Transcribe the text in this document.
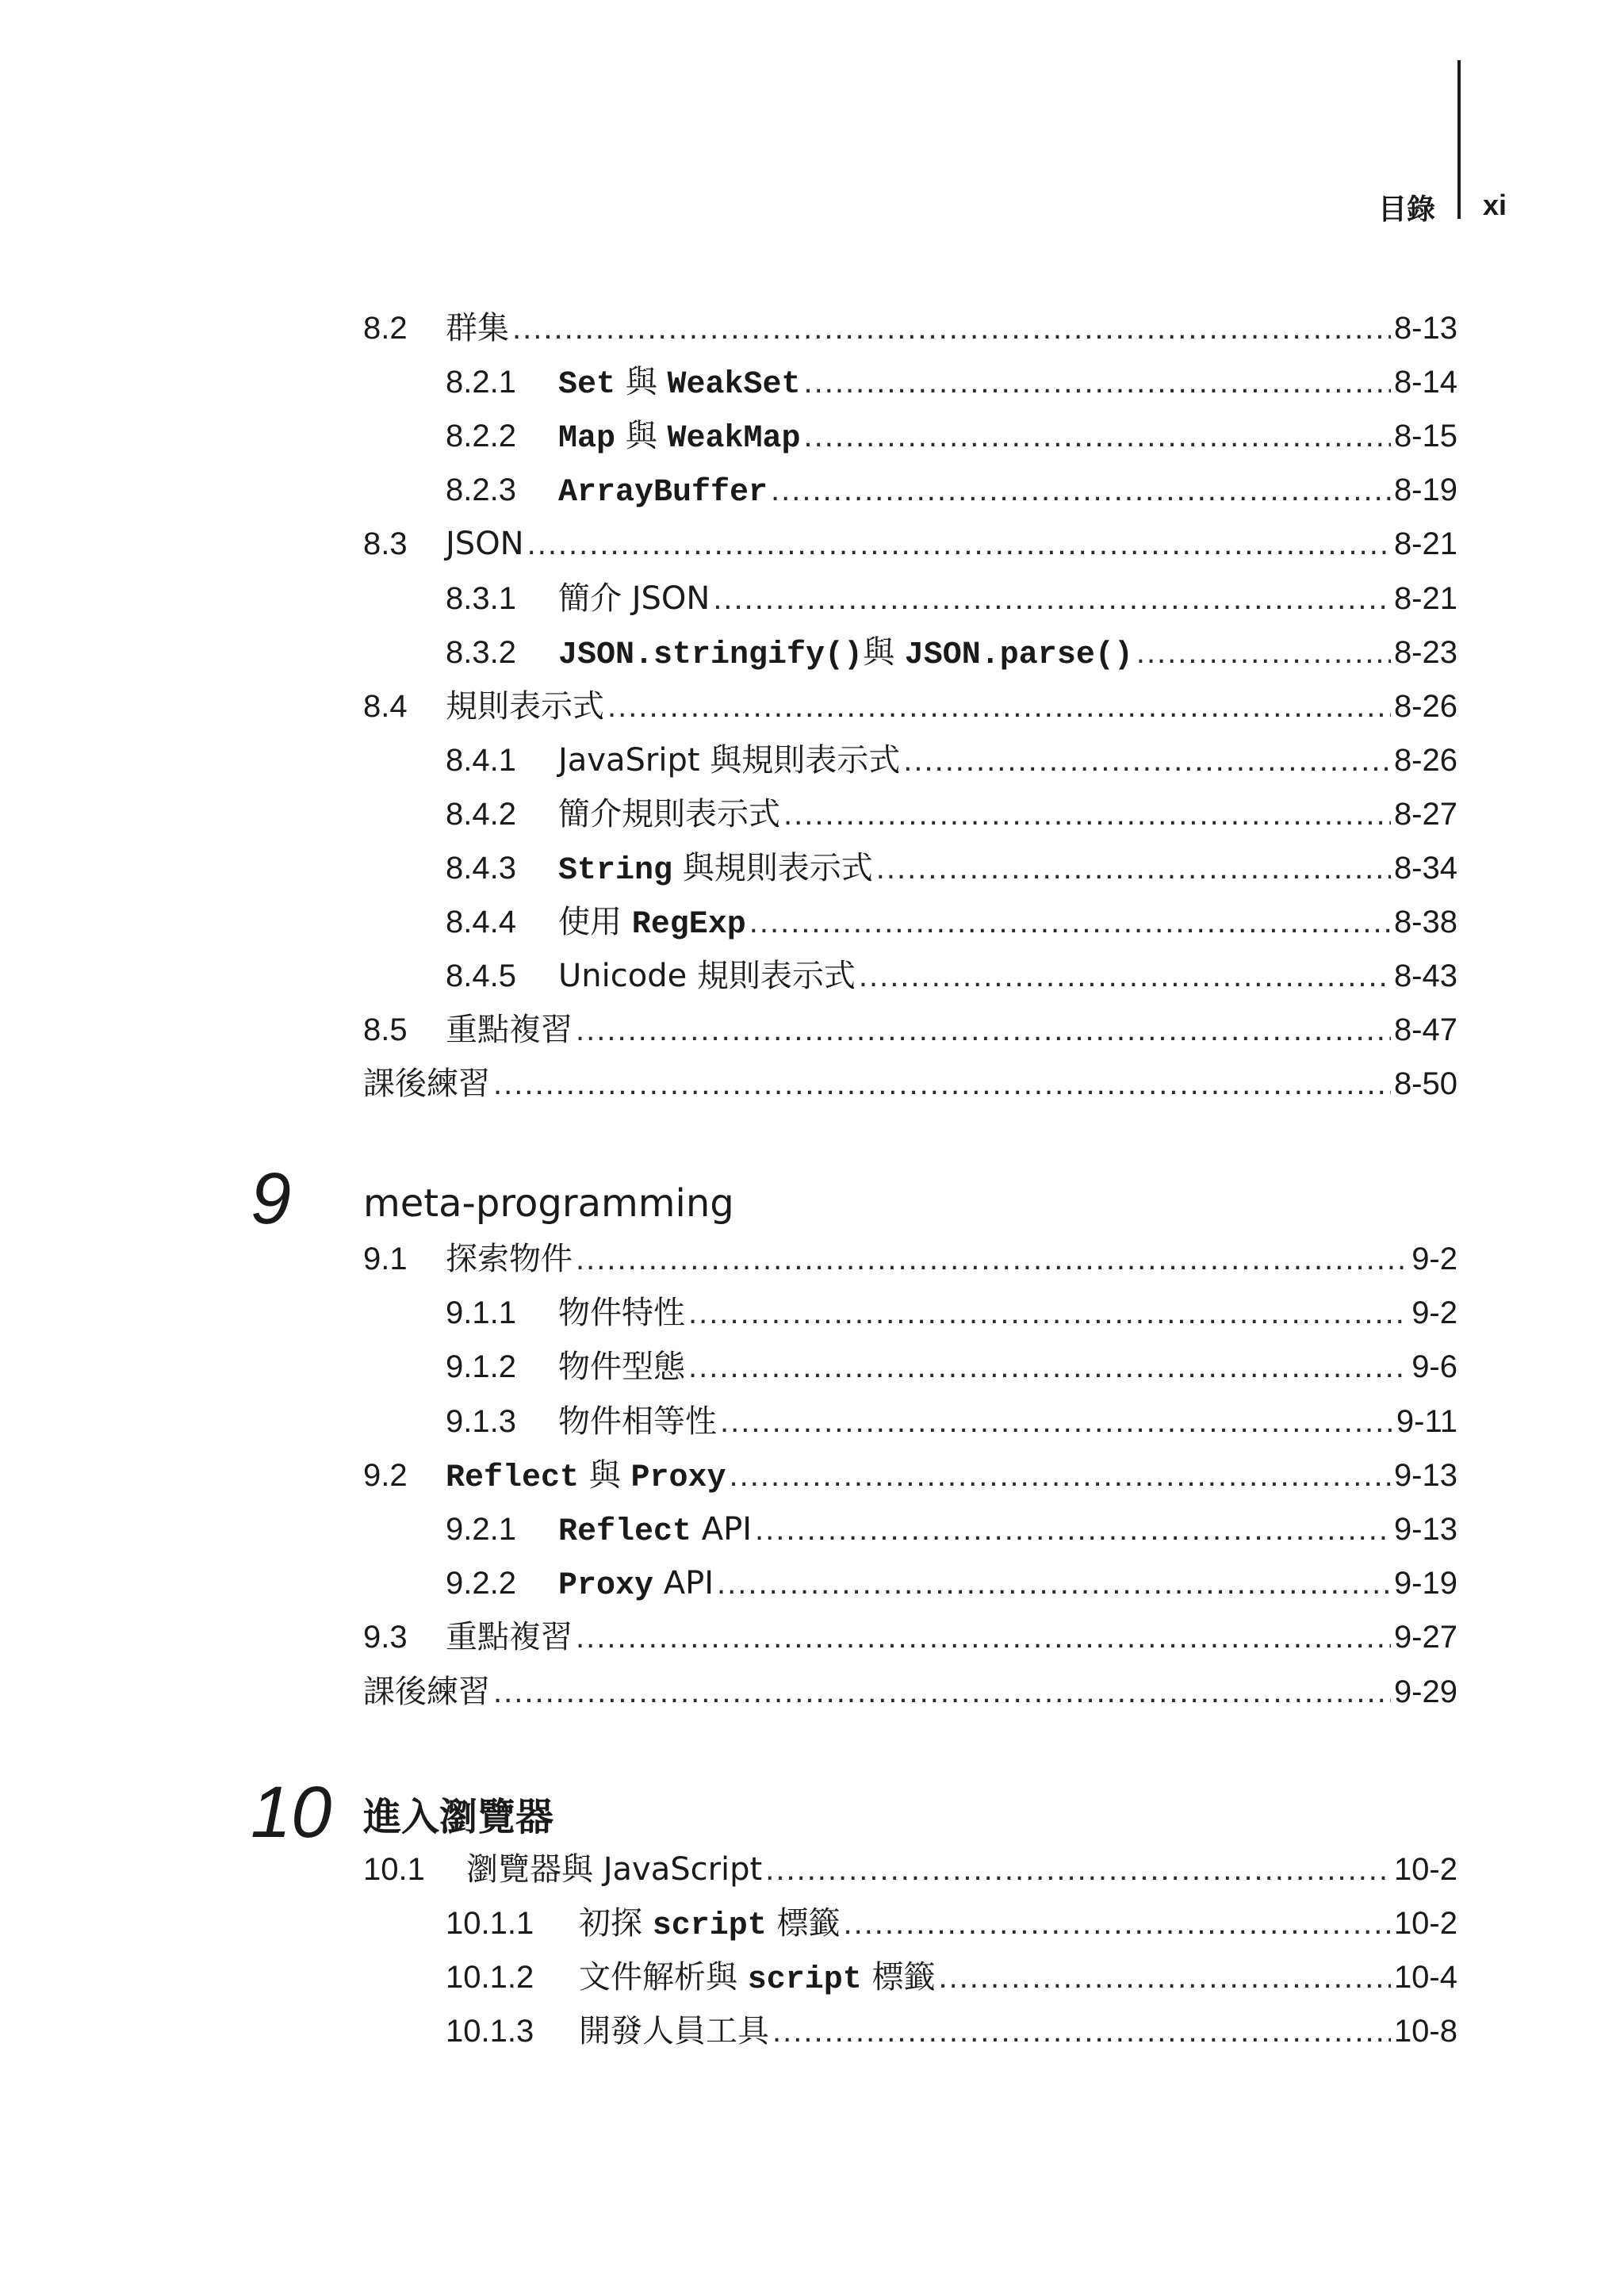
目錄 xi
9 meta-programming
10 進入瀏覽器
8.2	群集 .....	8-13
8.2.1	Set 與 WeakSet .....	8-14
8.2.2	Map 與 WeakMap .....	8-15
8.2.3	ArrayBuffer .....	8-19
8.3	JSON .....	8-21
8.3.1	簡介 JSON .....	8-21
8.3.2	JSON.stringify()與 JSON.parse() .....	8-23
8.4	規則表示式 .....	8-26
8.4.1	JavaSript 與規則表示式 .....	8-26
8.4.2	簡介規則表示式 .....	8-27
8.4.3	String 與規則表示式 .....	8-34
8.4.4	使用 RegExp .....	8-38
8.4.5	Unicode 規則表示式 .....	8-43
8.5	重點複習 .....	8-47
課後練習 .....	8-50
9.1	探索物件 .....	9-2
9.1.1	物件特性 .....	9-2
9.1.2	物件型態 .....	9-6
9.1.3	物件相等性 .....	9-11
9.2	Reflect 與 Proxy .....	9-13
9.2.1	Reflect API .....	9-13
9.2.2	Proxy API .....	9-19
9.3	重點複習 .....	9-27
課後練習 .....	9-29
10.1	瀏覽器與 JavaScript .....	10-2
10.1.1	初探 script 標籤 .....	10-2
10.1.2	文件解析與 script 標籤 .....	10-4
10.1.3	開發人員工具 .....	10-8
